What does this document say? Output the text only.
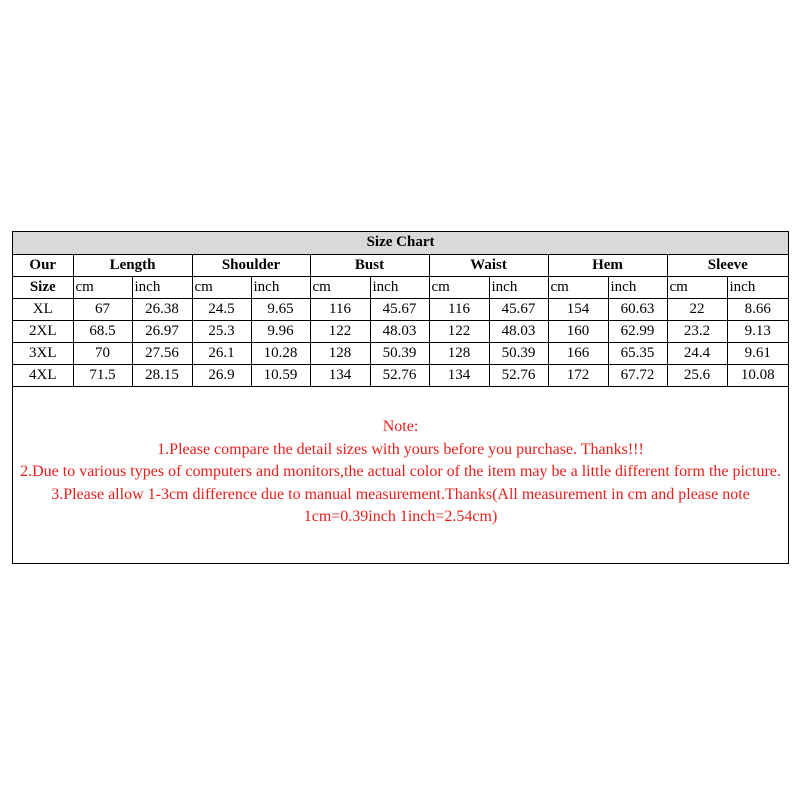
Size Chart												
Our	Length		Shoulder		Bust		Waist		Hem		Sleeve	
Size	cm	inch	cm	inch	cm	inch	cm	inch	cm	inch	cm	inch
XL	67	26.38	24.5	9.65	116	45.67	116	45.67	154	60.63	22	8.66
2XL	68.5	26.97	25.3	9.96	122	48.03	122	48.03	160	62.99	23.2	9.13
3XL	70	27.56	26.1	10.28	128	50.39	128	50.39	166	65.35	24.4	9.61
4XL	71.5	28.15	26.9	10.59	134	52.76	134	52.76	172	67.72	25.6	10.08
Note:
1.Please compare the detail sizes with yours before you purchase. Thanks!!!
2.Due to various types of computers and monitors,the actual color of the item may be a little different form the picture.
3.Please allow 1-3cm difference due to manual measurement.Thanks(All measurement in cm and please note 1cm=0.39inch 1inch=2.54cm)
